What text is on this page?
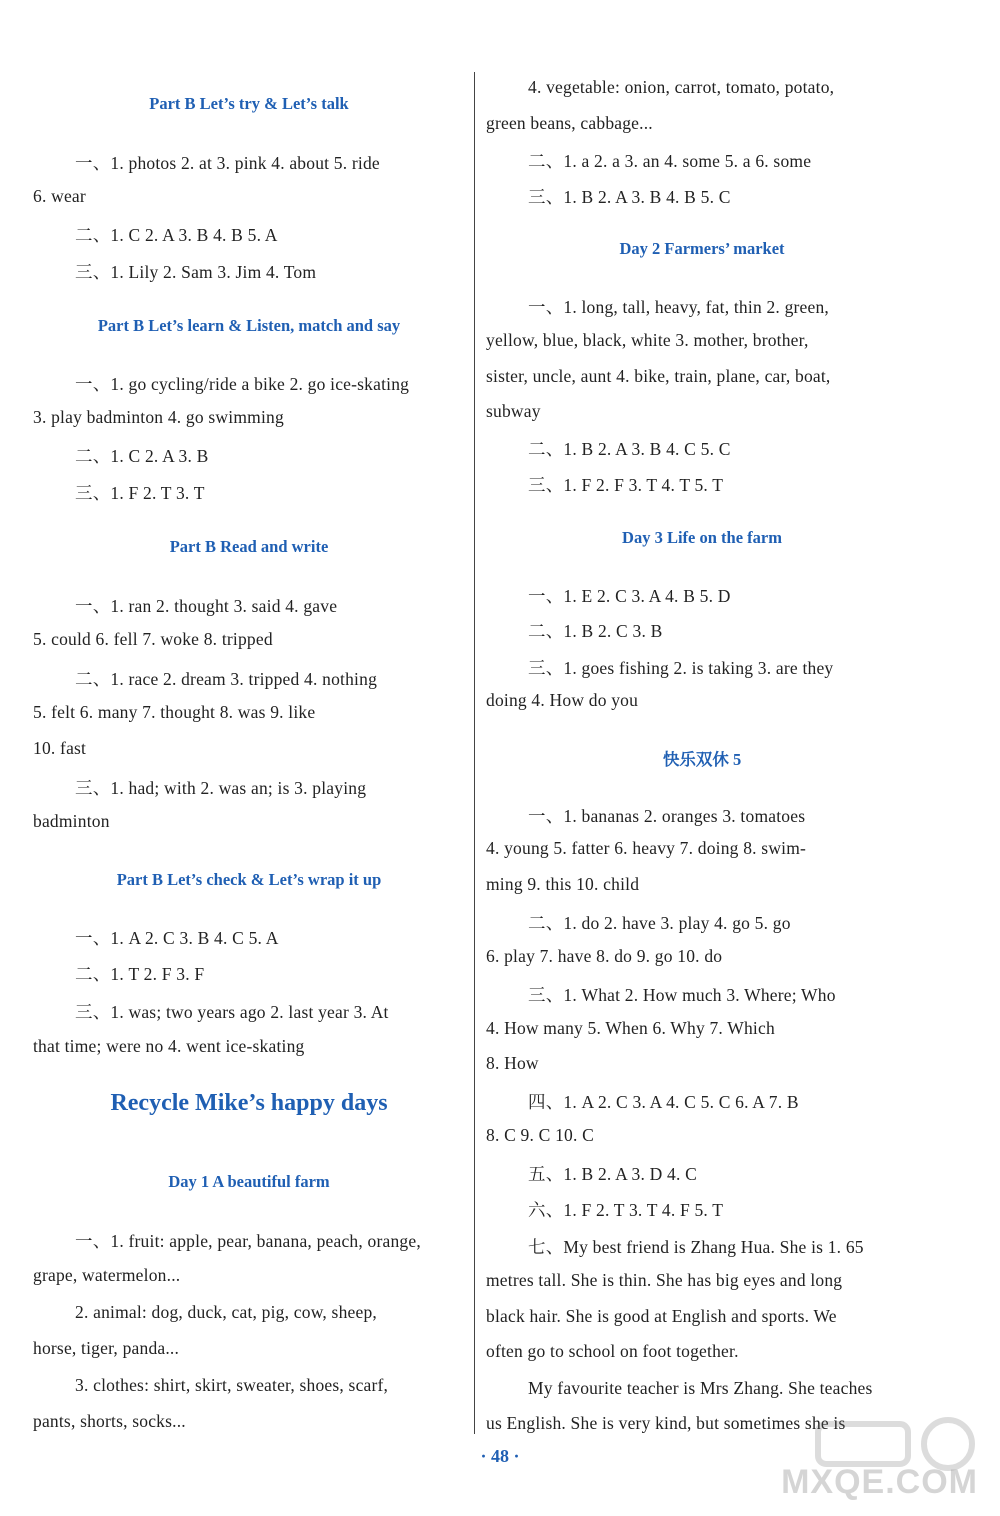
Part B Let’s try & Let’s talk
一、1. photos 2. at 3. pink 4. about 5. ride
6. wear
二、1. C 2. A 3. B 4. B 5. A
三、1. Lily 2. Sam 3. Jim 4. Tom
Part B Let’s learn & Listen, match and say
一、1. go cycling/ride a bike 2. go ice-skating
3. play badminton 4. go swimming
二、1. C 2. A 3. B
三、1. F 2. T 3. T
Part B Read and write
一、1. ran 2. thought 3. said 4. gave
5. could 6. fell 7. woke 8. tripped
二、1. race 2. dream 3. tripped 4. nothing
5. felt 6. many 7. thought 8. was 9. like
10. fast
三、1. had; with 2. was an; is 3. playing
badminton
Part B Let’s check & Let’s wrap it up
一、1. A 2. C 3. B 4. C 5. A
二、1. T 2. F 3. F
三、1. was; two years ago 2. last year 3. At
that time; were no 4. went ice-skating
Recycle Mike’s happy days
Day 1 A beautiful farm
一、1. fruit: apple, pear, banana, peach, orange,
grape, watermelon...
2. animal: dog, duck, cat, pig, cow, sheep,
horse, tiger, panda...
3. clothes: shirt, skirt, sweater, shoes, scarf,
pants, shorts, socks...
4. vegetable: onion, carrot, tomato, potato,
green beans, cabbage...
二、1. a 2. a 3. an 4. some 5. a 6. some
三、1. B 2. A 3. B 4. B 5. C
Day 2 Farmers’ market
一、1. long, tall, heavy, fat, thin 2. green,
yellow, blue, black, white 3. mother, brother,
sister, uncle, aunt 4. bike, train, plane, car, boat,
subway
二、1. B 2. A 3. B 4. C 5. C
三、1. F 2. F 3. T 4. T 5. T
Day 3 Life on the farm
一、1. E 2. C 3. A 4. B 5. D
二、1. B 2. C 3. B
三、1. goes fishing 2. is taking 3. are they
doing 4. How do you
快乐双休 5
一、1. bananas 2. oranges 3. tomatoes
4. young 5. fatter 6. heavy 7. doing 8. swim-
ming 9. this 10. child
二、1. do 2. have 3. play 4. go 5. go
6. play 7. have 8. do 9. go 10. do
三、1. What 2. How much 3. Where; Who
4. How many 5. When 6. Why 7. Which
8. How
四、1. A 2. C 3. A 4. C 5. C 6. A 7. B
8. C 9. C 10. C
五、1. B 2. A 3. D 4. C
六、1. F 2. T 3. T 4. F 5. T
七、My best friend is Zhang Hua. She is 1. 65
metres tall. She is thin. She has big eyes and long
black hair. She is good at English and sports. We
often go to school on foot together.
My favourite teacher is Mrs Zhang. She teaches
us English. She is very kind, but sometimes she is
· 48 ·
MXQE.COM
